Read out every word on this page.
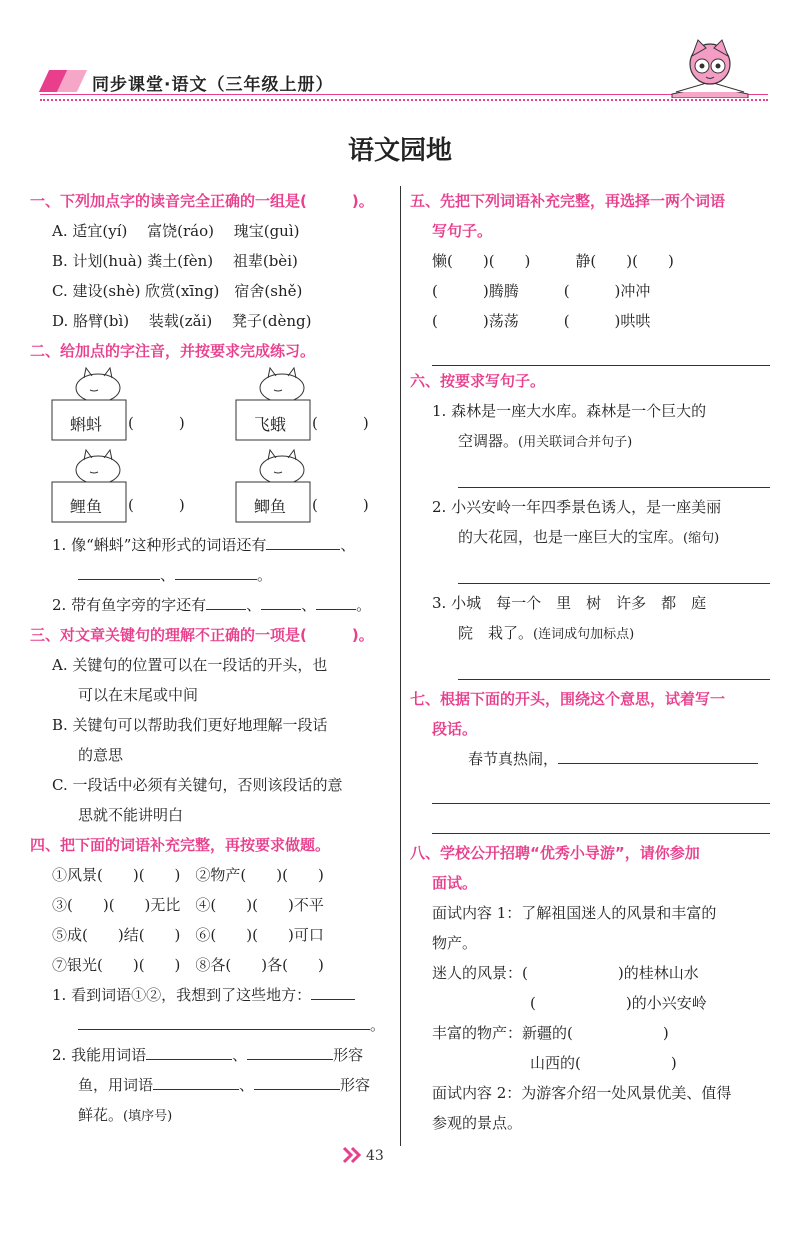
同步课堂·语文（三年级上册）
语文园地
一、下列加点字的读音完全正确的一组是(　　　)。
A. 适宜(yí)　 富饶(ráo)　 瑰宝(guì)
B. 计划(huà) 粪土(fèn)　 祖辈(bèi)
C. 建设(shè) 欣赏(xīng)　宿舍(shě)
D. 胳臂(bì)　 装载(zǎi)　 凳子(dèng)
二、给加点的字注音，并按要求完成练习。
蝌蚪 (　　　)	飞蛾 (　　　)
鲤鱼 (　　　)	鲫鱼 (　　　)
1. 像“蝌蚪”这种形式的词语还有	、
、	。
2. 带有鱼字旁的字还有	、	、	。
三、对文章关键句的理解不正确的一项是(　　　)。
A. 关键句的位置可以在一段话的开头，也
可以在末尾或中间
B. 关键句可以帮助我们更好地理解一段话
的意思
C. 一段话中必须有关键句，否则该段话的意
思就不能讲明白
四、把下面的词语补充完整，再按要求做题。
①风景(　　)(　　)　②物产(　　)(　　)
③(　　)(　　)无比　④(　　)(　　)不平
⑤成(　　)结(　　)　⑥(　　)(　　)可口
⑦银光(　　)(　　)　⑧各(　　)各(　　)
1. 看到词语①②，我想到了这些地方：
。
2. 我能用词语	、	形容
鱼，用词语	、	形容
鲜花。(填序号)
五、先把下列词语补充完整，再选择一两个词语
写句子。
懒(　　)(　　)　　　静(　　)(　　)
(　　　)腾腾　　　(　　　)冲冲
(　　　)荡荡　　　(　　　)哄哄
六、按要求写句子。
1. 森林是一座大水库。森林是一个巨大的
空调器。(用关联词合并句子)
2. 小兴安岭一年四季景色诱人，是一座美丽
的大花园，也是一座巨大的宝库。(缩句)
3. 小城　每一个　里　树　许多　都　庭
院　栽了。(连词成句加标点)
七、根据下面的开头，围绕这个意思，试着写一
段话。
春节真热闹，
八、学校公开招聘“优秀小导游”，请你参加
面试。
面试内容 1：了解祖国迷人的风景和丰富的
物产。
迷人的风景：(　　　　　　)的桂林山水
(　　　　　　)的小兴安岭
丰富的物产：新疆的(　　　　　　)
山西的(　　　　　　)
面试内容 2：为游客介绍一处风景优美、值得
参观的景点。
43
